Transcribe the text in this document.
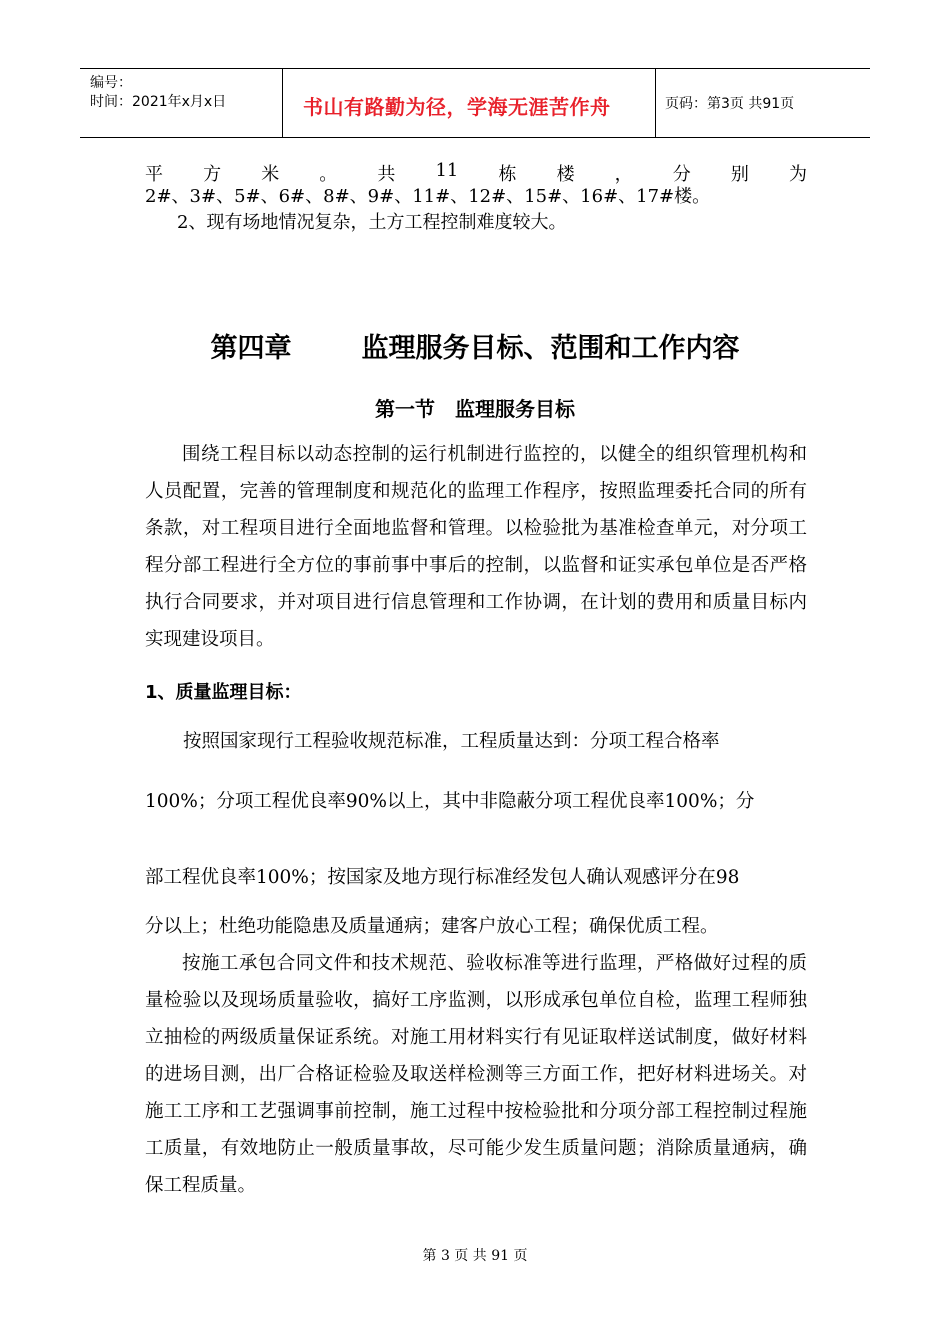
编号：
时间：2021年x月x日	书山有路勤为径，学海无涯苦作舟	页码：第3页 共91页
平 方 米 。 共 11 栋 楼 ， 分 别 为
2#、3#、5#、6#、8#、9#、11#、12#、15#、16#、17#楼。
2、现有场地情况复杂，土方工程控制难度较大。
第四章	监理服务目标、范围和工作内容
第一节 监理服务目标
围绕工程目标以动态控制的运行机制进行监控的，以健全的组织管理机构和人员配置，完善的管理制度和规范化的监理工作程序，按照监理委托合同的所有条款，对工程项目进行全面地监督和管理。以检验批为基准检查单元，对分项工程分部工程进行全方位的事前事中事后的控制，以监督和证实承包单位是否严格执行合同要求，并对项目进行信息管理和工作协调，在计划的费用和质量目标内实现建设项目。
1、质量监理目标：
按照国家现行工程验收规范标准，工程质量达到：分项工程合格率
100%；分项工程优良率90%以上，其中非隐蔽分项工程优良率100%；分
部工程优良率100%；按国家及地方现行标准经发包人确认观感评分在98
分以上；杜绝功能隐患及质量通病；建客户放心工程；确保优质工程。
按施工承包合同文件和技术规范、验收标准等进行监理，严格做好过程的质量检验以及现场质量验收，搞好工序监测，以形成承包单位自检，监理工程师独立抽检的两级质量保证系统。对施工用材料实行有见证取样送试制度，做好材料的进场目测，出厂合格证检验及取送样检测等三方面工作，把好材料进场关。对施工工序和工艺强调事前控制，施工过程中按检验批和分项分部工程控制过程施工质量，有效地防止一般质量事故，尽可能少发生质量问题；消除质量通病，确保工程质量。
第 3 页 共 91 页
